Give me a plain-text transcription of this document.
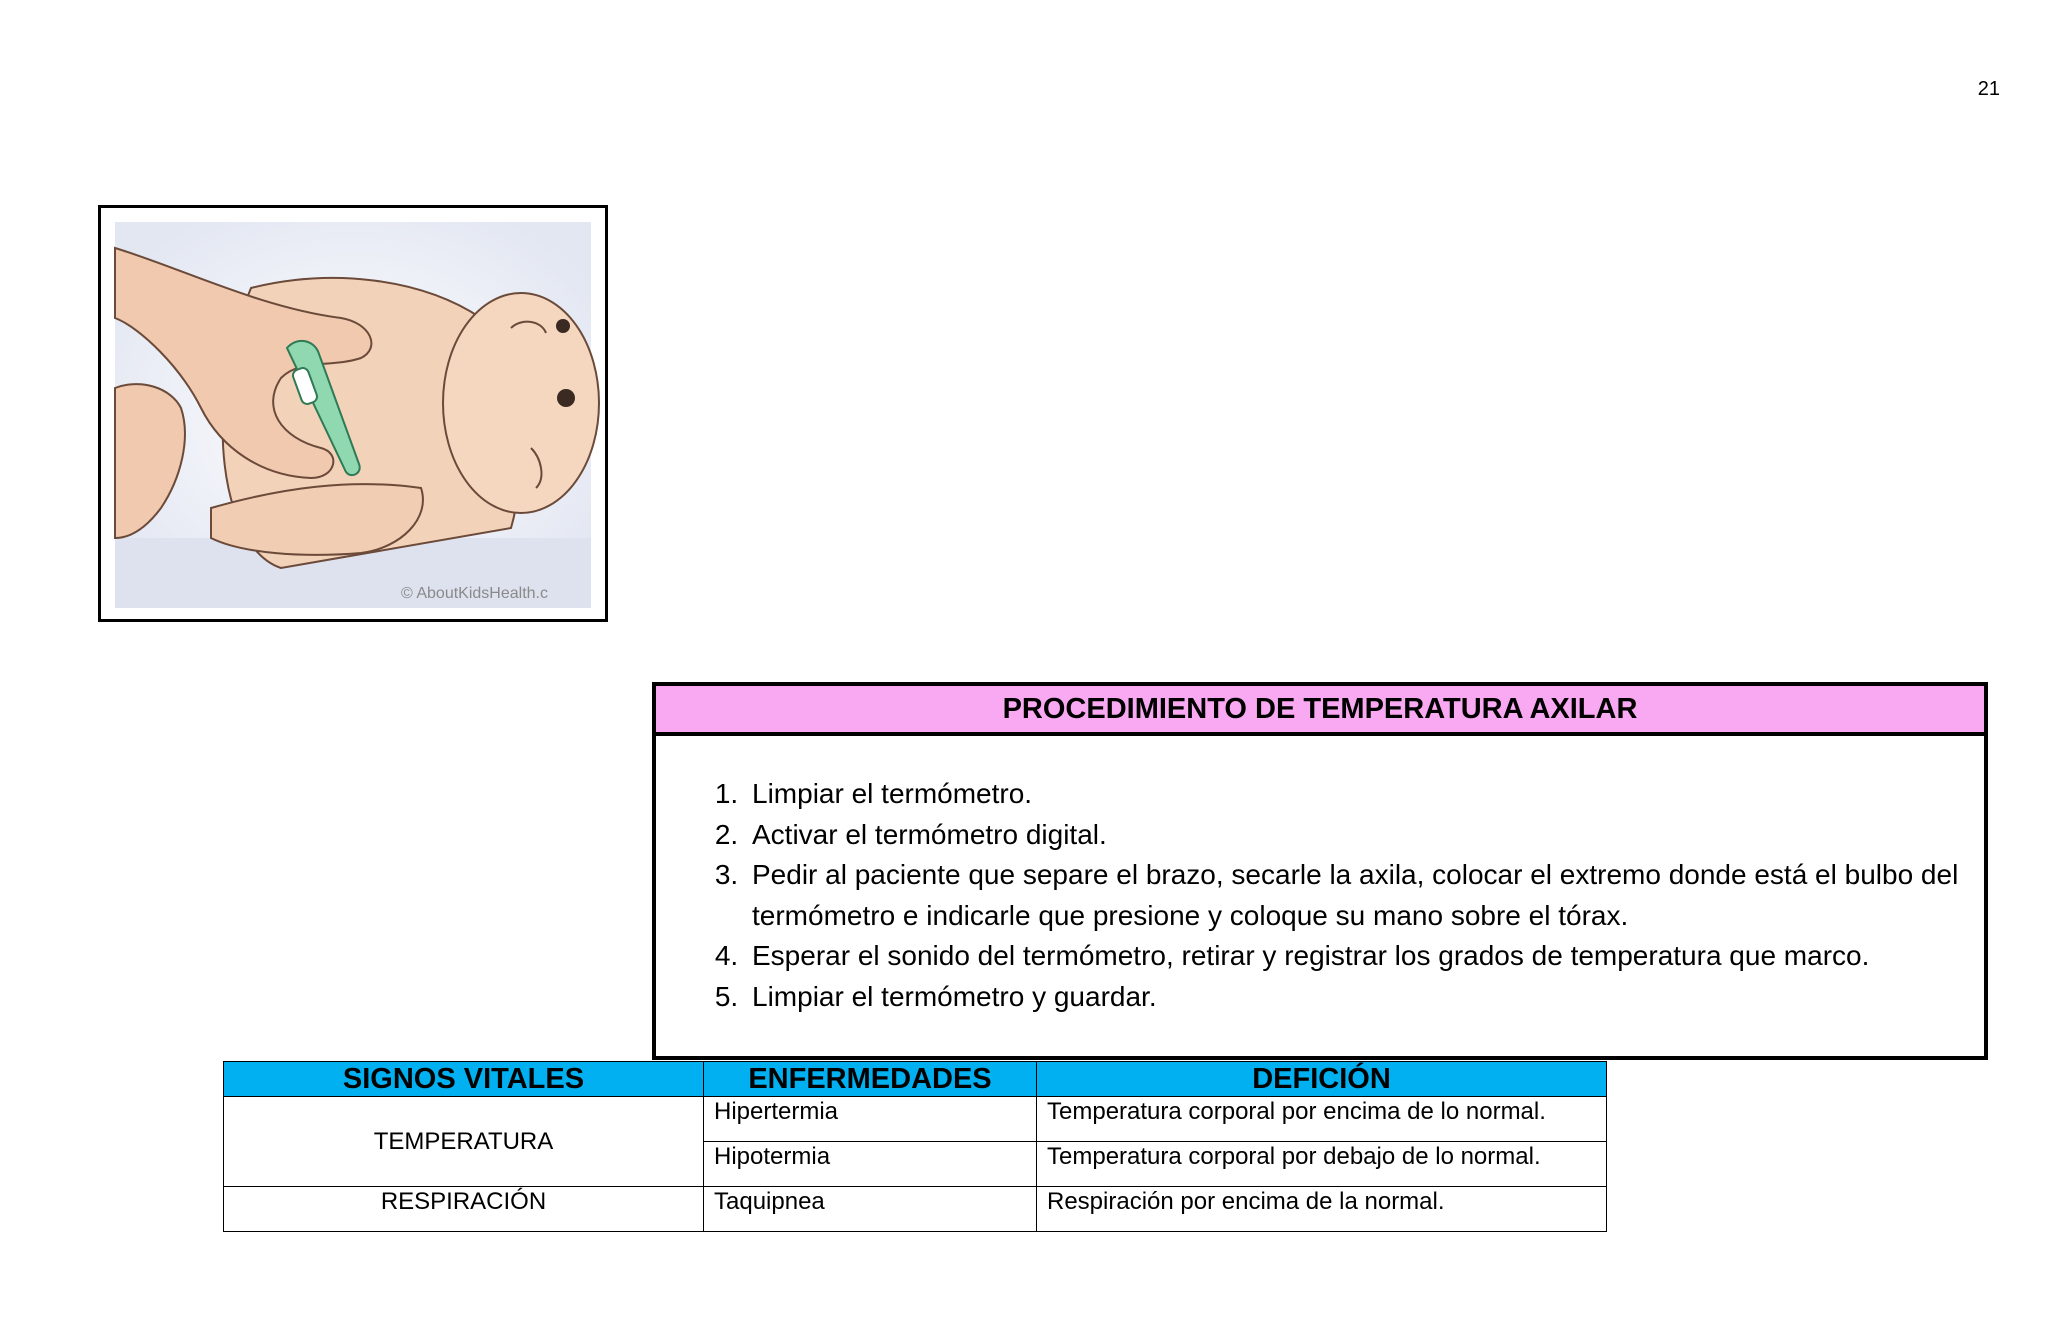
21
© AboutKidsHealth.c
PROCEDIMIENTO DE TEMPERATURA AXILAR
1. Limpiar el termómetro.
2. Activar el termómetro digital.
3. Pedir al paciente que separe el brazo, secarle la axila, colocar el extremo donde está el bulbo del termómetro e indicarle que presione y coloque su mano sobre el tórax.
4. Esperar el sonido del termómetro, retirar y registrar los grados de temperatura que marco.
5. Limpiar el termómetro y guardar.
SIGNOS VITALES	ENFERMEDADES	DEFICIÓN
TEMPERATURA	Hipertermia	Temperatura corporal por encima de lo normal.
	Hipotermia	Temperatura corporal por debajo de lo normal.
RESPIRACIÓN	Taquipnea	Respiración por encima de la normal.
